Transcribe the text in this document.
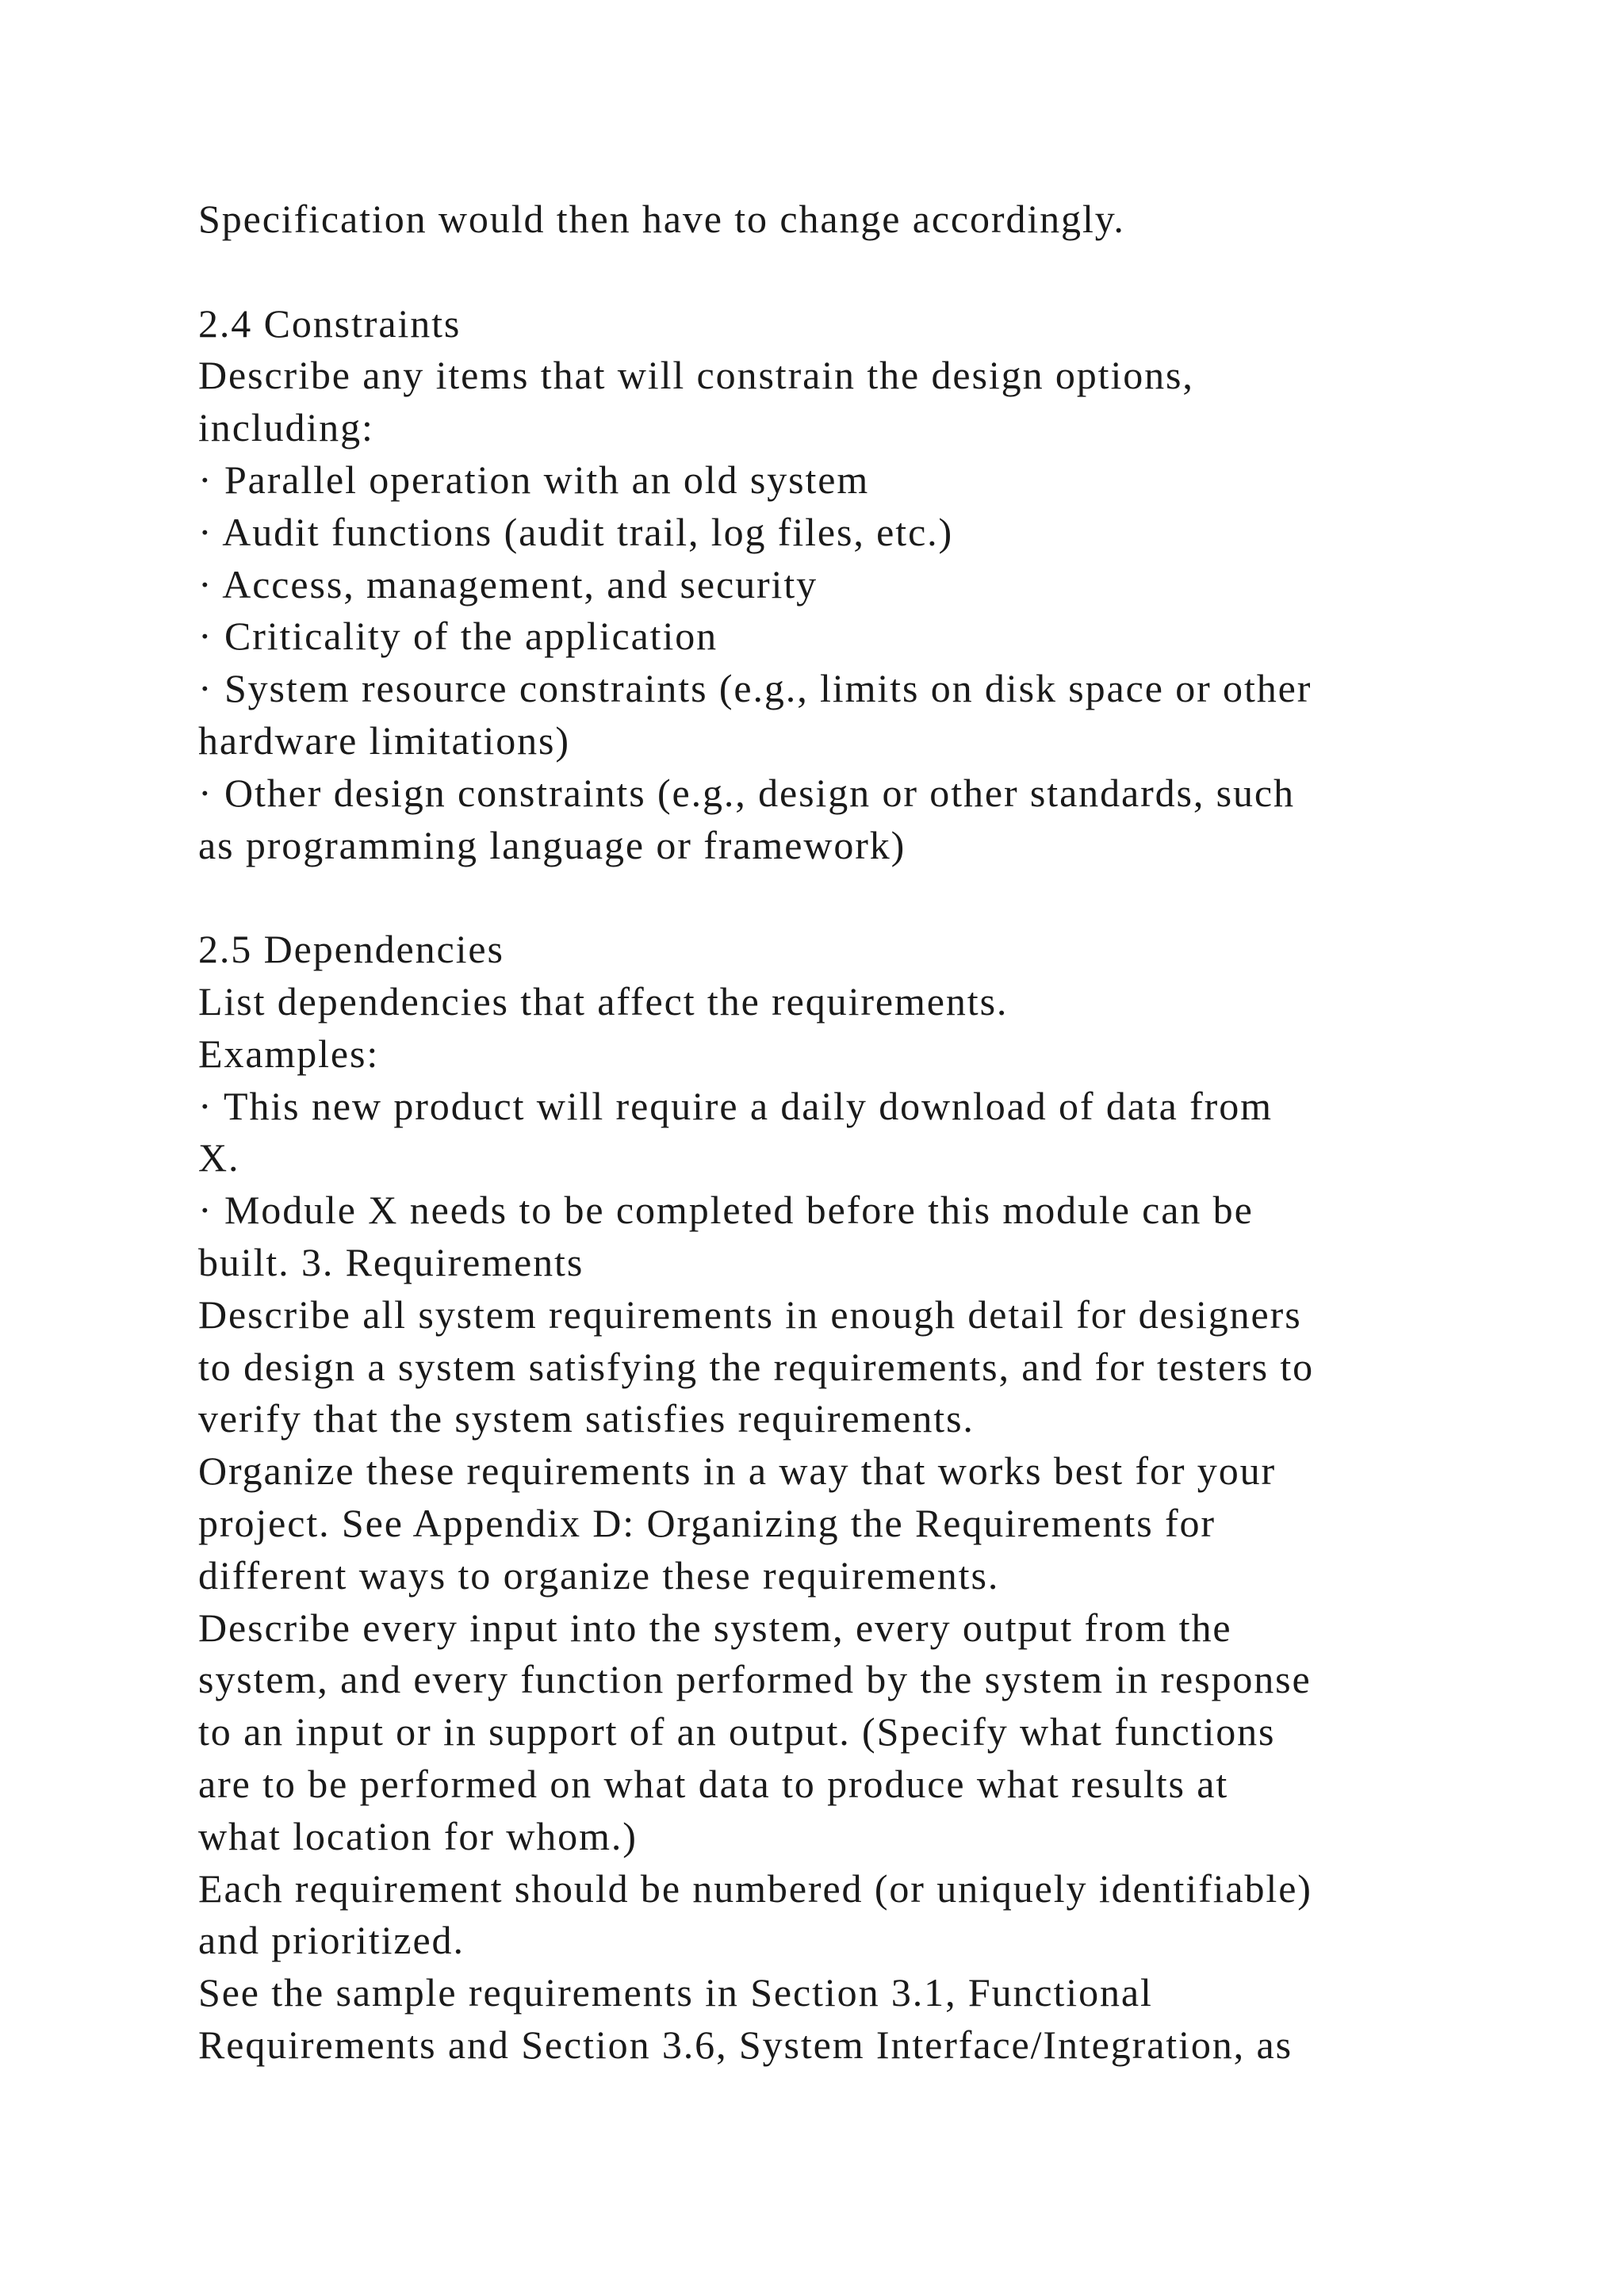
Specification would then have to change accordingly.
2.4 Constraints
Describe any items that will constrain the design options,
including:
· Parallel operation with an old system
· Audit functions (audit trail, log files, etc.)
· Access, management, and security
· Criticality of the application
· System resource constraints (e.g., limits on disk space or other
hardware limitations)
· Other design constraints (e.g., design or other standards, such
as programming language or framework)
2.5 Dependencies
List dependencies that affect the requirements.
Examples:
· This new product will require a daily download of data from
X.
· Module X needs to be completed before this module can be
built. 3. Requirements
Describe all system requirements in enough detail for designers
to design a system satisfying the requirements, and for testers to
verify that the system satisfies requirements.
Organize these requirements in a way that works best for your
project. See Appendix D: Organizing the Requirements for
different ways to organize these requirements.
Describe every input into the system, every output from the
system, and every function performed by the system in response
to an input or in support of an output. (Specify what functions
are to be performed on what data to produce what results at
what location for whom.)
Each requirement should be numbered (or uniquely identifiable)
and prioritized.
See the sample requirements in Section 3.1, Functional
Requirements and Section 3.6, System Interface/Integration, as
